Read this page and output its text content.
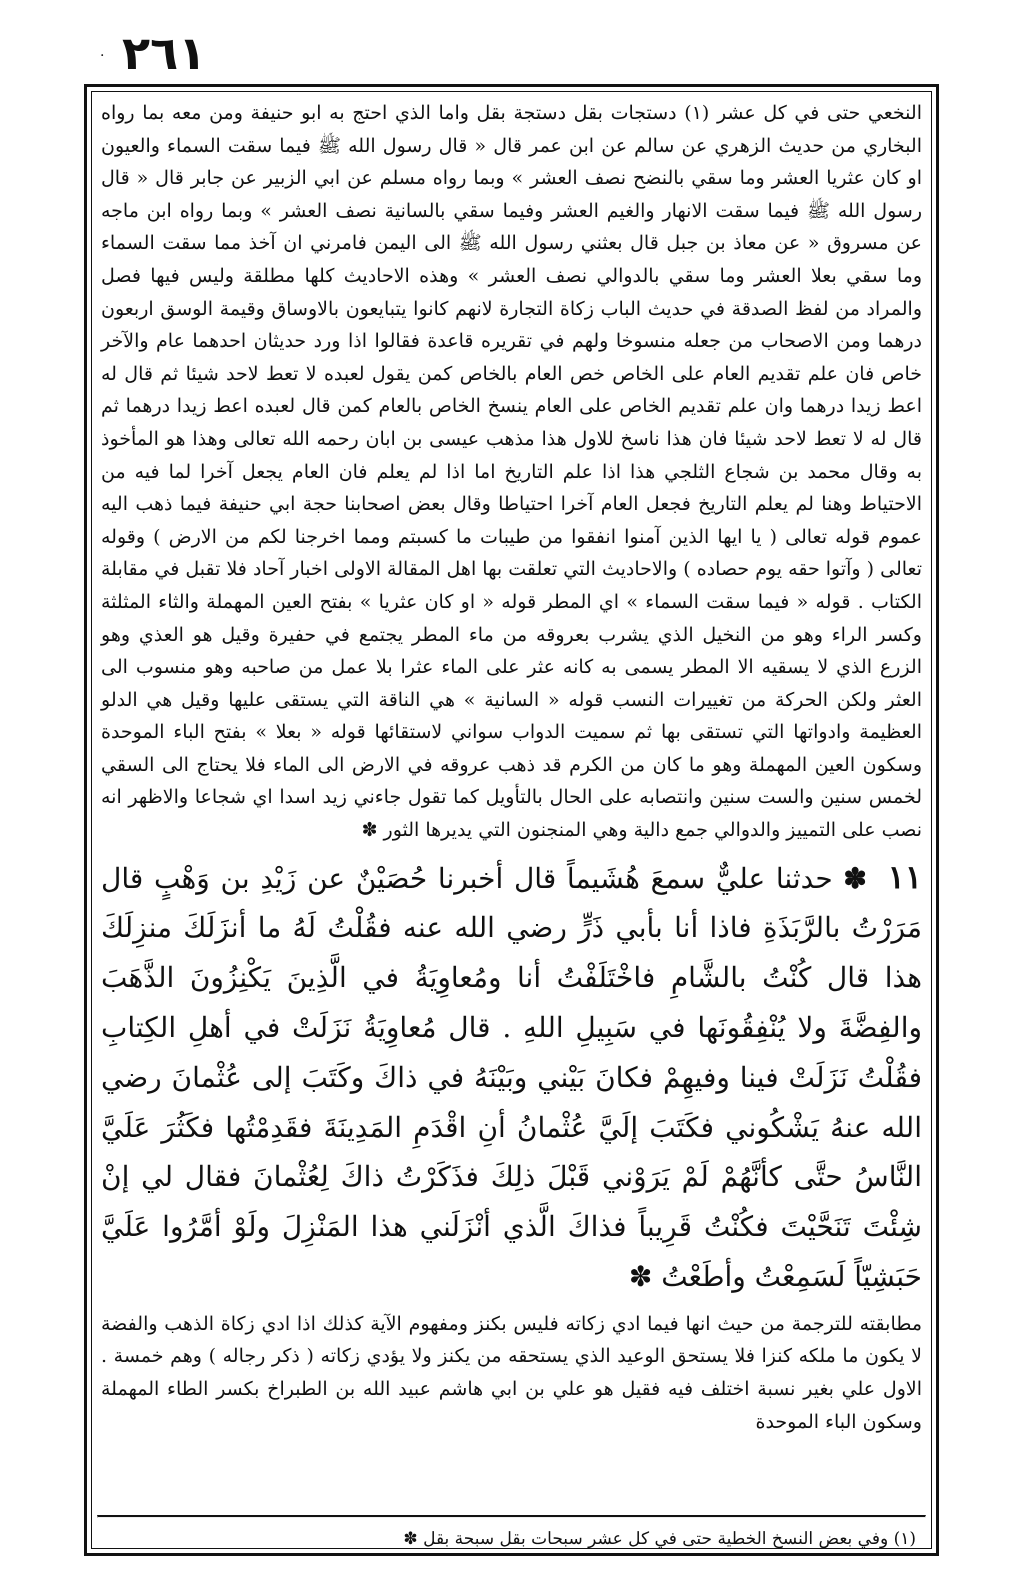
· ٢٦١

النخعي حتى في كل عشر (١) دستجات بقل دستجة بقل واما الذي احتج به ابو حنيفة ومن معه بما رواه البخاري من حديث الزهري عن سالم عن ابن عمر قال « قال رسول الله ﷺ فيما سقت السماء والعيون او كان عثريا العشر وما سقي بالنضح نصف العشر » وبما رواه مسلم عن ابي الزبير عن جابر قال « قال رسول الله ﷺ فيما سقت الانهار والغيم العشر وفيما سقي بالسانية نصف العشر » وبما رواه ابن ماجه عن مسروق « عن معاذ بن جبل قال بعثني رسول الله ﷺ الى اليمن فامرني ان آخذ مما سقت السماء وما سقي بعلا العشر وما سقي بالدوالي نصف العشر » وهذه الاحاديث كلها مطلقة وليس فيها فصل والمراد من لفظ الصدقة في حديث الباب زكاة التجارة لانهم كانوا يتبايعون بالاوساق وقيمة الوسق اربعون درهما ومن الاصحاب من جعله منسوخا ولهم في تقريره قاعدة فقالوا اذا ورد حديثان احدهما عام والآخر خاص فان علم تقديم العام على الخاص خص العام بالخاص كمن يقول لعبده لا تعط لاحد شيئا ثم قال له اعط زيدا درهما وان علم تقديم الخاص على العام ينسخ الخاص بالعام كمن قال لعبده اعط زيدا درهما ثم قال له لا تعط لاحد شيئا فان هذا ناسخ للاول هذا مذهب عيسى بن ابان رحمه الله تعالى وهذا هو المأخوذ به وقال محمد بن شجاع الثلجي هذا اذا علم التاريخ اما اذا لم يعلم فان العام يجعل آخرا لما فيه من الاحتياط وهنا لم يعلم التاريخ فجعل العام آخرا احتياطا وقال بعض اصحابنا حجة ابي حنيفة فيما ذهب اليه عموم قوله تعالى ( يا ايها الذين آمنوا انفقوا من طيبات ما كسبتم ومما اخرجنا لكم من الارض ) وقوله تعالى ( وآتوا حقه يوم حصاده ) والاحاديث التي تعلقت بها اهل المقالة الاولى اخبار آحاد فلا تقبل في مقابلة الكتاب . قوله « فيما سقت السماء » اي المطر قوله « او كان عثريا » بفتح العين المهملة والثاء المثلثة وكسر الراء وهو من النخيل الذي يشرب بعروقه من ماء المطر يجتمع في حفيرة وقيل هو العذي وهو الزرع الذي لا يسقيه الا المطر يسمى به كانه عثر على الماء عثرا بلا عمل من صاحبه وهو منسوب الى العثر ولكن الحركة من تغييرات النسب قوله « السانية » هي الناقة التي يستقى عليها وقيل هي الدلو العظيمة وادواتها التي تستقى بها ثم سميت الدواب سواني لاستقائها قوله « بعلا » بفتح الباء الموحدة وسكون العين المهملة وهو ما كان من الكرم قد ذهب عروقه في الارض الى الماء فلا يحتاج الى السقي لخمس سنين والست سنين وانتصابه على الحال بالتأويل كما تقول جاءني زيد اسدا اي شجاعا والاظهر انه نصب على التمييز والدوالي جمع دالية وهي المنجنون التي يديرها الثور ✽

١١ ✽ حدثنا عليٌّ سمعَ هُشَيماً قال أخبرنا حُصَيْنٌ عن زَيْدِ بن وَهْبٍ قال مَرَرْتُ بالرَّبَذَةِ فاذا أنا بأبي ذَرٍّ رضي الله عنه فقُلْتُ لَهُ ما أنزَلَكَ منزِلَكَ هذا قال كُنْتُ بالشَّامِ فاخْتَلَفْتُ أنا ومُعاوِيَةُ في الَّذِينَ يَكْنِزُونَ الذَّهَبَ والفِضَّةَ ولا يُنْفِقُونَها في سَبِيلِ اللهِ . قال مُعاوِيَةُ نَزَلَتْ في أهلِ الكِتابِ فقُلْتُ نَزَلَتْ فينا وفيهِمْ فكانَ بَيْني وبَيْنَهُ في ذاكَ وكَتَبَ إلى عُثْمانَ رضي الله عنهُ يَشْكُوني فكَتَبَ إلَيَّ عُثْمانُ أنِ اقْدَمِ المَدِينَةَ فقَدِمْتُها فكَثُرَ عَلَيَّ النَّاسُ حتَّى كأنَّهُمْ لَمْ يَرَوْني قَبْلَ ذلِكَ فذَكَرْتُ ذاكَ لِعُثْمانَ فقال لي إنْ شِئْتَ تَنَحَّيْتَ فكُنْتُ قَرِيباً فذاكَ الَّذي أنْزَلَني هذا المَنْزِلَ ولَوْ أمَّرُوا عَلَيَّ حَبَشِيّاً لَسَمِعْتُ وأطَعْتُ ✽

مطابقته للترجمة من حيث انها فيما ادي زكاته فليس بكنز ومفهوم الآية كذلك اذا ادي زكاة الذهب والفضة لا يكون ما ملكه كنزا فلا يستحق الوعيد الذي يستحقه من يكنز ولا يؤدي زكاته ( ذكر رجاله ) وهم خمسة . الاول علي بغير نسبة اختلف فيه فقيل هو علي بن ابي هاشم عبيد الله بن الطبراخ بكسر الطاء المهملة وسكون الباء الموحدة

(١) وفي بعض النسخ الخطية حتى في كل عشر سبحات بقل سبحة بقل ✽
